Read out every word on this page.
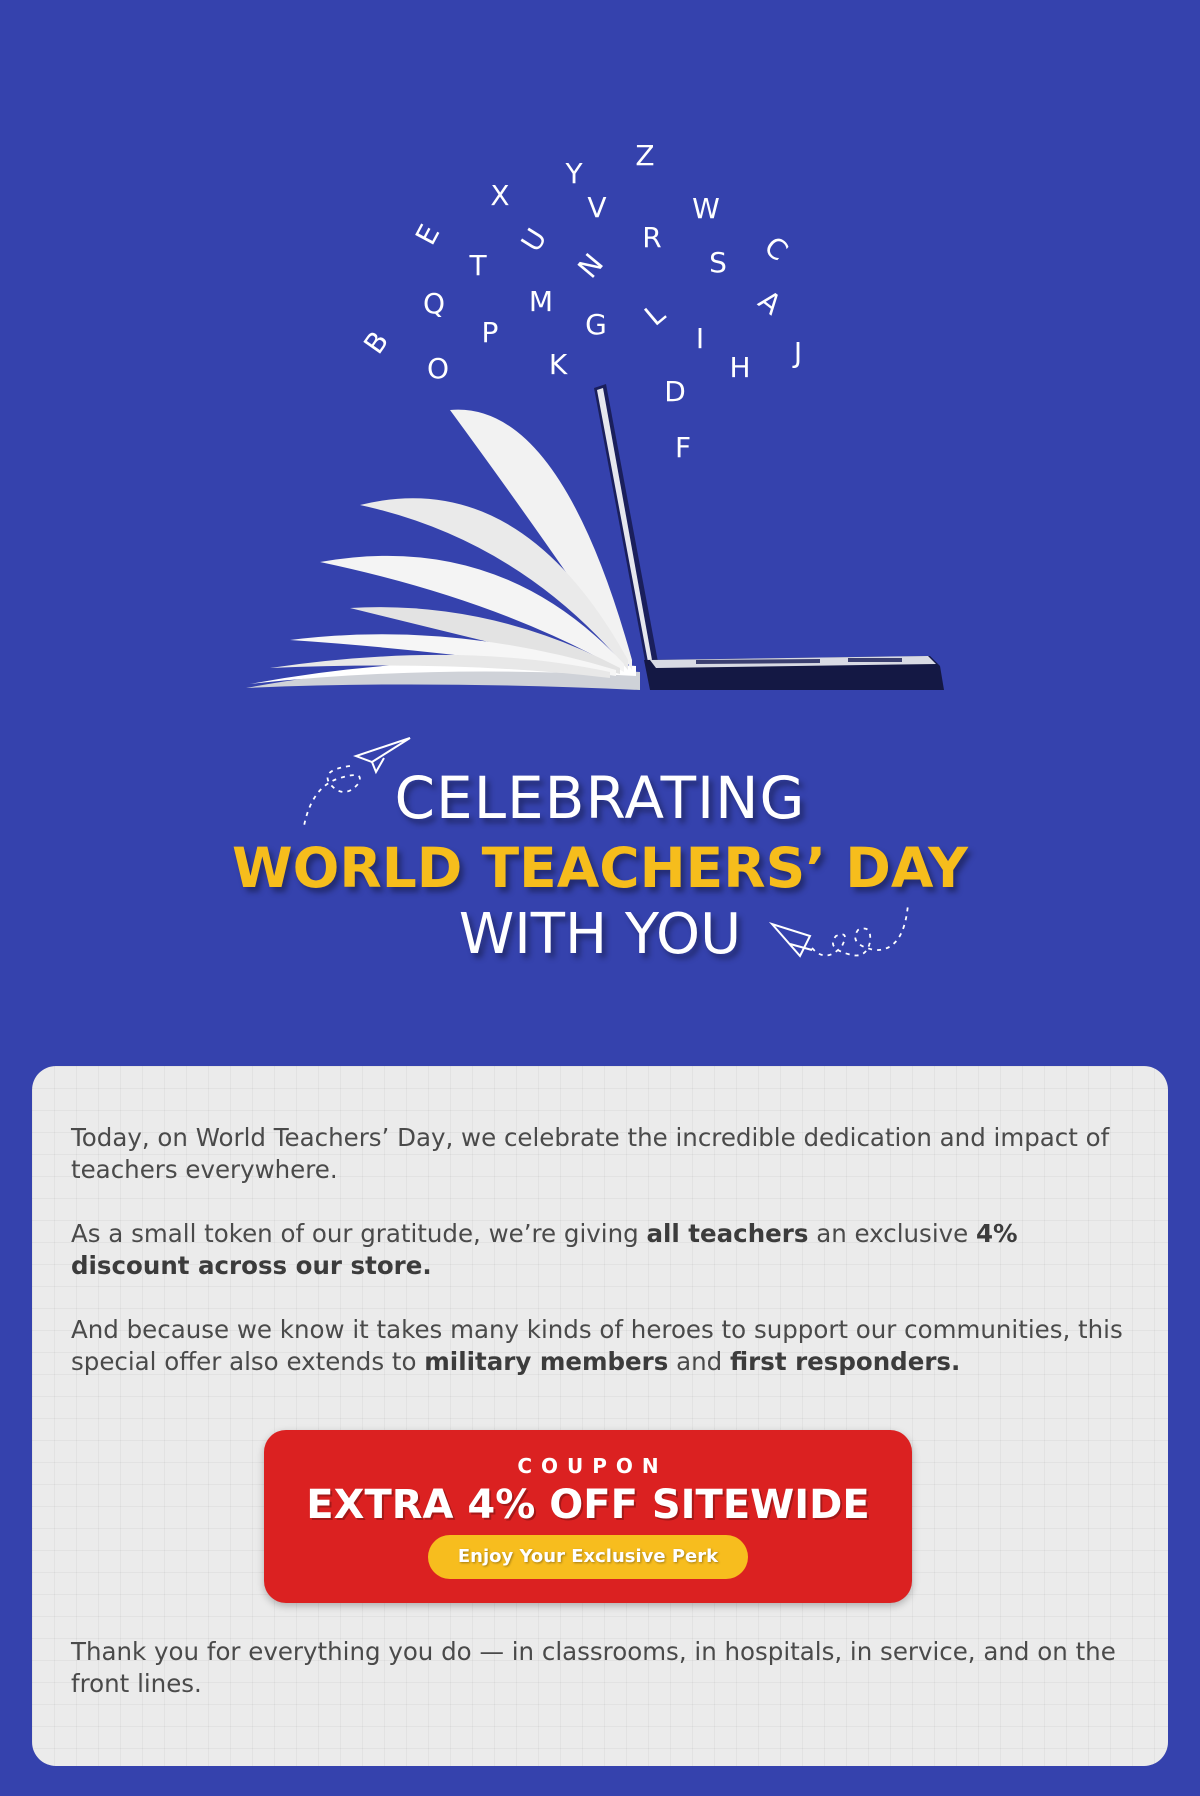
Z
Y
W
X	V
E U	R	C
T	N	S
Q	M	A
B	P	G L
I	J
O	K	H
D
F
CELEBRATING
WORLD TEACHERS’ DAY
WITH YOU
Today, on World Teachers’ Day, we celebrate the incredible dedication and impact of teachers everywhere.
As a small token of our gratitude, we’re giving all teachers an exclusive 4% discount across our store.
And because we know it takes many kinds of heroes to support our communities, this special offer also extends to military members and first responders.
COUPON
EXTRA 4% OFF SITEWIDE
Enjoy Your Exclusive Perk
Thank you for everything you do — in classrooms, in hospitals, in service, and on the front lines.
